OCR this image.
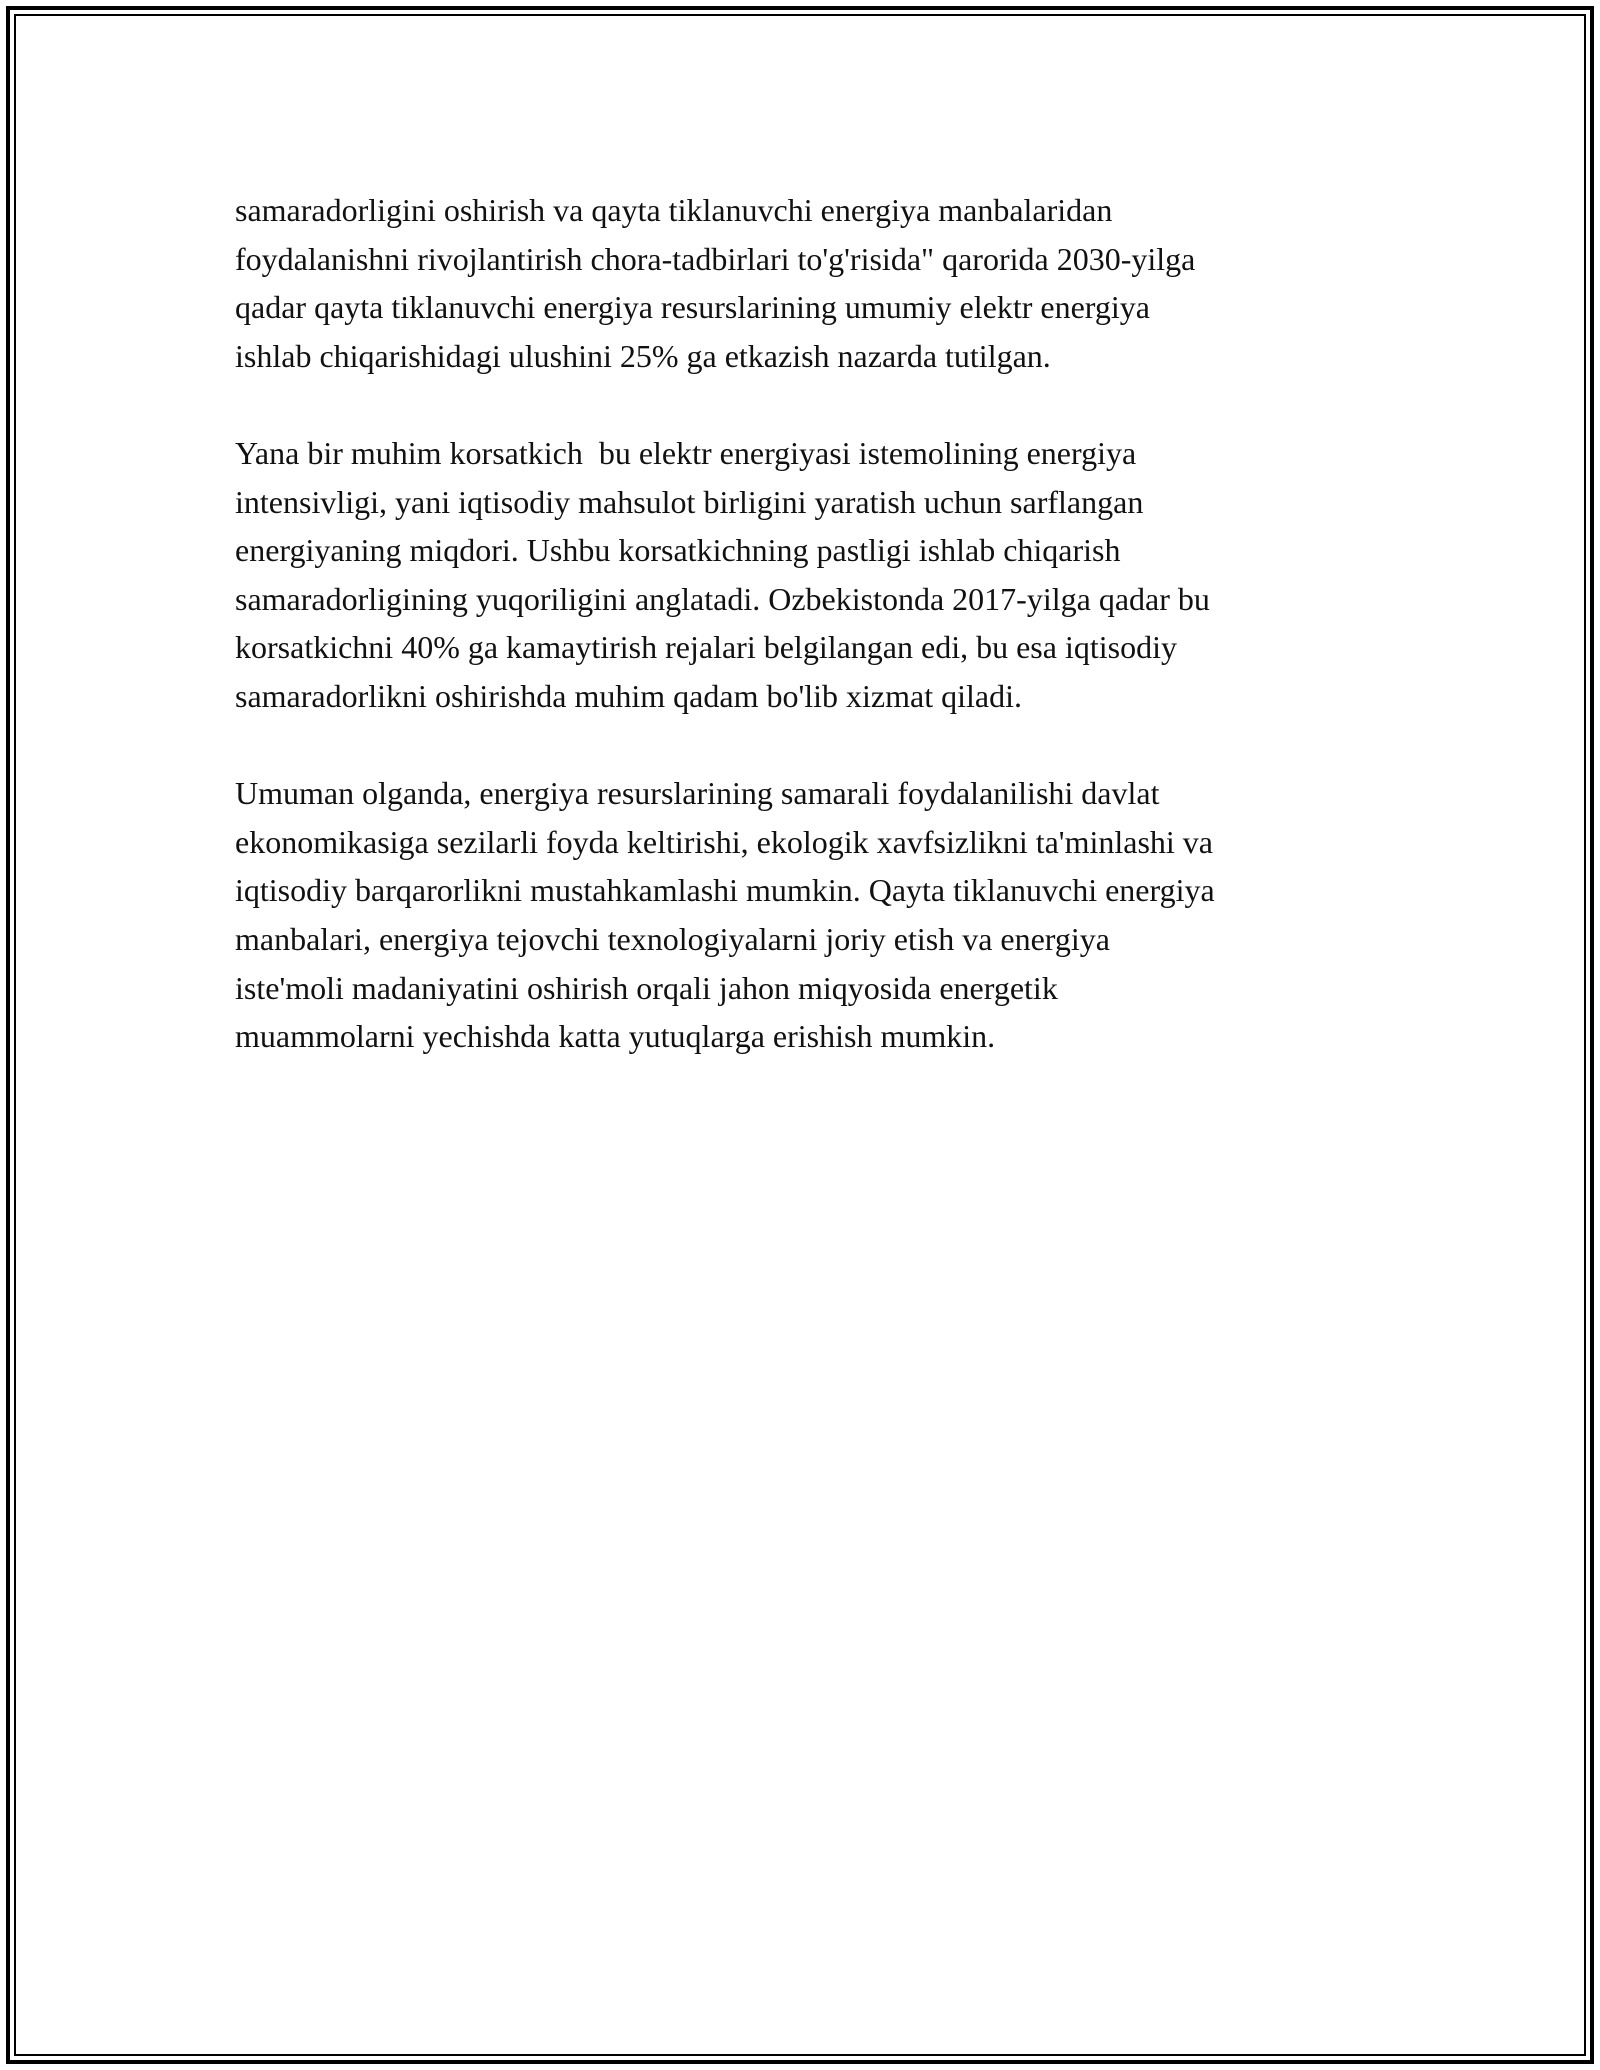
samaradorligini oshirish va qayta tiklanuvchi energiya manbalaridan
foydalanishni rivojlantirish chora-tadbirlari to'g'risida" qarorida 2030-yilga
qadar qayta tiklanuvchi energiya resurslarining umumiy elektr energiya
ishlab chiqarishidagi ulushini 25% ga etkazish nazarda tutilgan.

Yana bir muhim korsatkich  bu elektr energiyasi istemolining energiya
intensivligi, yani iqtisodiy mahsulot birligini yaratish uchun sarflangan
energiyaning miqdori. Ushbu korsatkichning pastligi ishlab chiqarish
samaradorligining yuqoriligini anglatadi. Ozbekistonda 2017-yilga qadar bu
korsatkichni 40% ga kamaytirish rejalari belgilangan edi, bu esa iqtisodiy
samaradorlikni oshirishda muhim qadam bo'lib xizmat qiladi.

Umuman olganda, energiya resurslarining samarali foydalanilishi davlat
ekonomikasiga sezilarli foyda keltirishi, ekologik xavfsizlikni ta'minlashi va
iqtisodiy barqarorlikni mustahkamlashi mumkin. Qayta tiklanuvchi energiya
manbalari, energiya tejovchi texnologiyalarni joriy etish va energiya
iste'moli madaniyatini oshirish orqali jahon miqyosida energetik
muammolarni yechishda katta yutuqlarga erishish mumkin.
